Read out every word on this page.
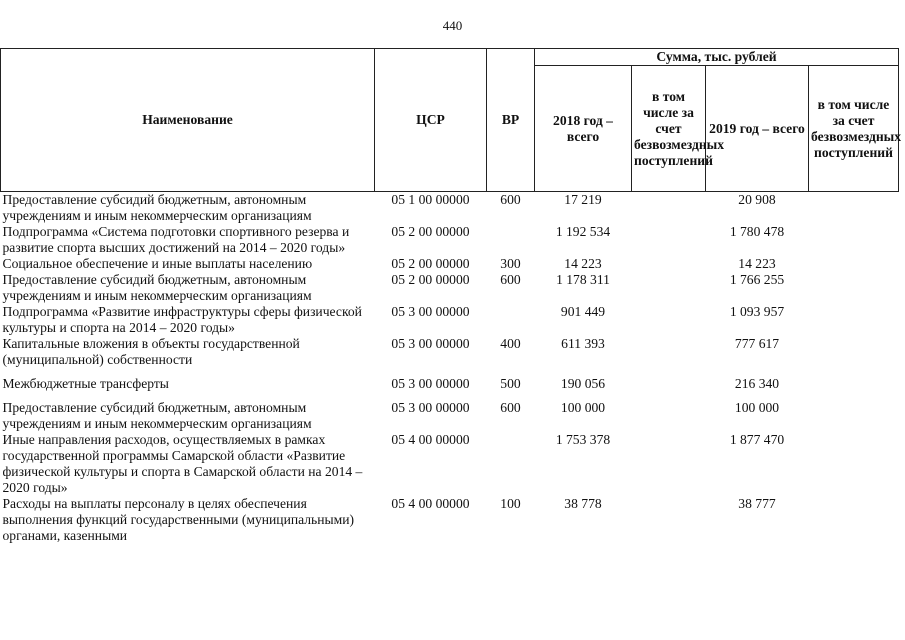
440
Наименование	ЦСР	ВР	Сумма, тыс. рублей			
			2018 год – всего	в том числе за счет безвозмездных поступлений	2019 год – всего	в том числе за счет безвозмездных поступлений
Предоставление субсидий бюджетным, автономным учреждениям и иным некоммерческим организациям	05 1 00 00000	600	17 219		20 908	
Подпрограмма «Система подготовки спортивного резерва и развитие спорта высших достижений на 2014 – 2020 годы»	05 2 00 00000		1 192 534		1 780 478	
Социальное обеспечение и иные выплаты населению	05 2 00 00000	300	14 223		14 223	
Предоставление субсидий бюджетным, автономным учреждениям и иным некоммерческим организациям	05 2 00 00000	600	1 178 311		1 766 255	
Подпрограмма «Развитие инфраструктуры сферы физической культуры и спорта на 2014 – 2020 годы»	05 3 00 00000		901 449		1 093 957	
Капитальные вложения в объекты государственной (муниципальной) собственности	05 3 00 00000	400	611 393		777 617	

Межбюджетные трансферты	05 3 00 00000	500	190 056		216 340	

Предоставление субсидий бюджетным, автономным учреждениям и иным некоммерческим организациям	05 3 00 00000	600	100 000		100 000	
Иные направления расходов, осуществляемых в рамках государственной программы Самарской области «Развитие физической культуры и спорта в Самарской области на 2014 – 2020 годы»	05 4 00 00000		1 753 378		1 877 470	
Расходы на выплаты персоналу в целях обеспечения выполнения функций государственными (муниципальными) органами, казенными	05 4 00 00000	100	38 778		38 777	
